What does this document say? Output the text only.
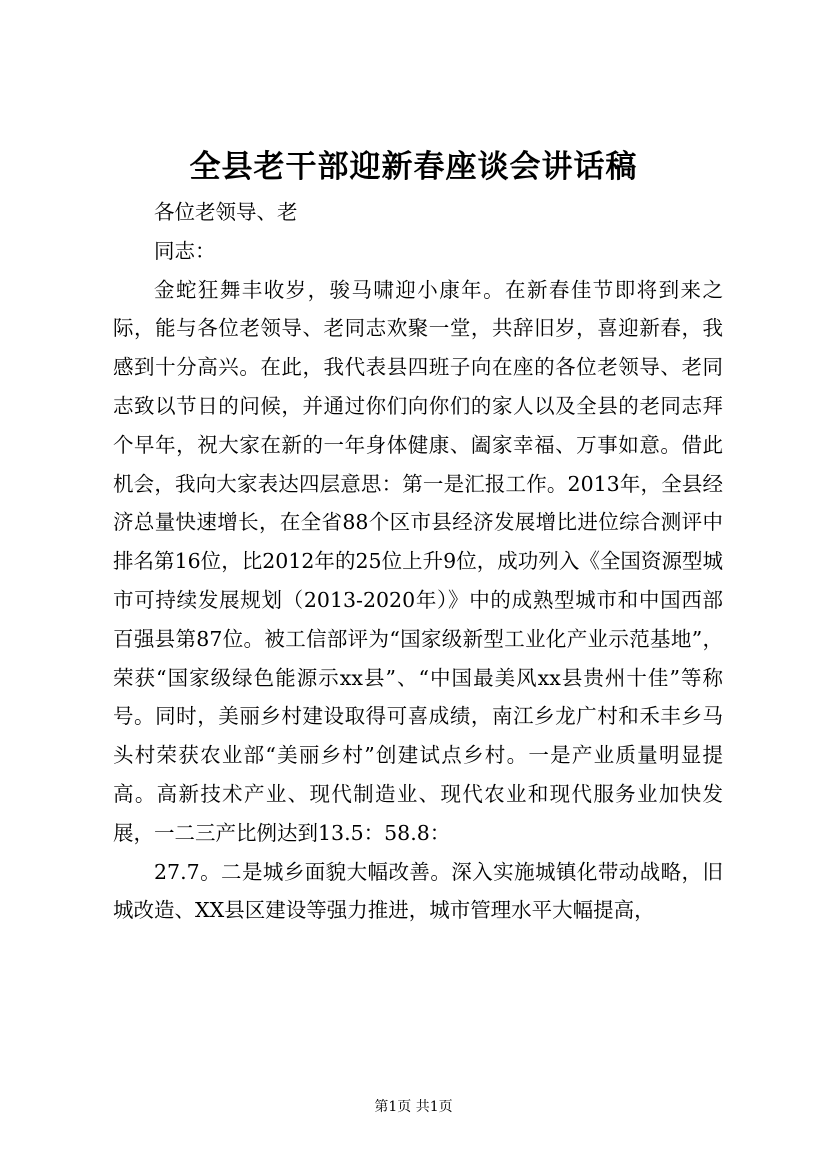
全县老干部迎新春座谈会讲话稿

各位老领导、老

同志：

金蛇狂舞丰收岁，骏马啸迎小康年。在新春佳节即将到来之际，能与各位老领导、老同志欢聚一堂，共辞旧岁，喜迎新春，我感到十分高兴。在此，我代表县四班子向在座的各位老领导、老同志致以节日的问候，并通过你们向你们的家人以及全县的老同志拜个早年，祝大家在新的一年身体健康、阖家幸福、万事如意。借此机会，我向大家表达四层意思：第一是汇报工作。2013年，全县经济总量快速增长，在全省88个区市县经济发展增比进位综合测评中排名第16位，比2012年的25位上升9位，成功列入《全国资源型城市可持续发展规划（2013-2020年）》中的成熟型城市和中国西部百强县第87位。被工信部评为“国家级新型工业化产业示范基地”，荣获“国家级绿色能源示xx县”、“中国最美风xx县贵州十佳”等称号。同时，美丽乡村建设取得可喜成绩，南江乡龙广村和禾丰乡马头村荣获农业部“美丽乡村”创建试点乡村。一是产业质量明显提高。高新技术产业、现代制造业、现代农业和现代服务业加快发展，一二三产比例达到13.5：58.8：

27.7。二是城乡面貌大幅改善。深入实施城镇化带动战略，旧城改造、XX县区建设等强力推进，城市管理水平大幅提高，

第1页 共1页
